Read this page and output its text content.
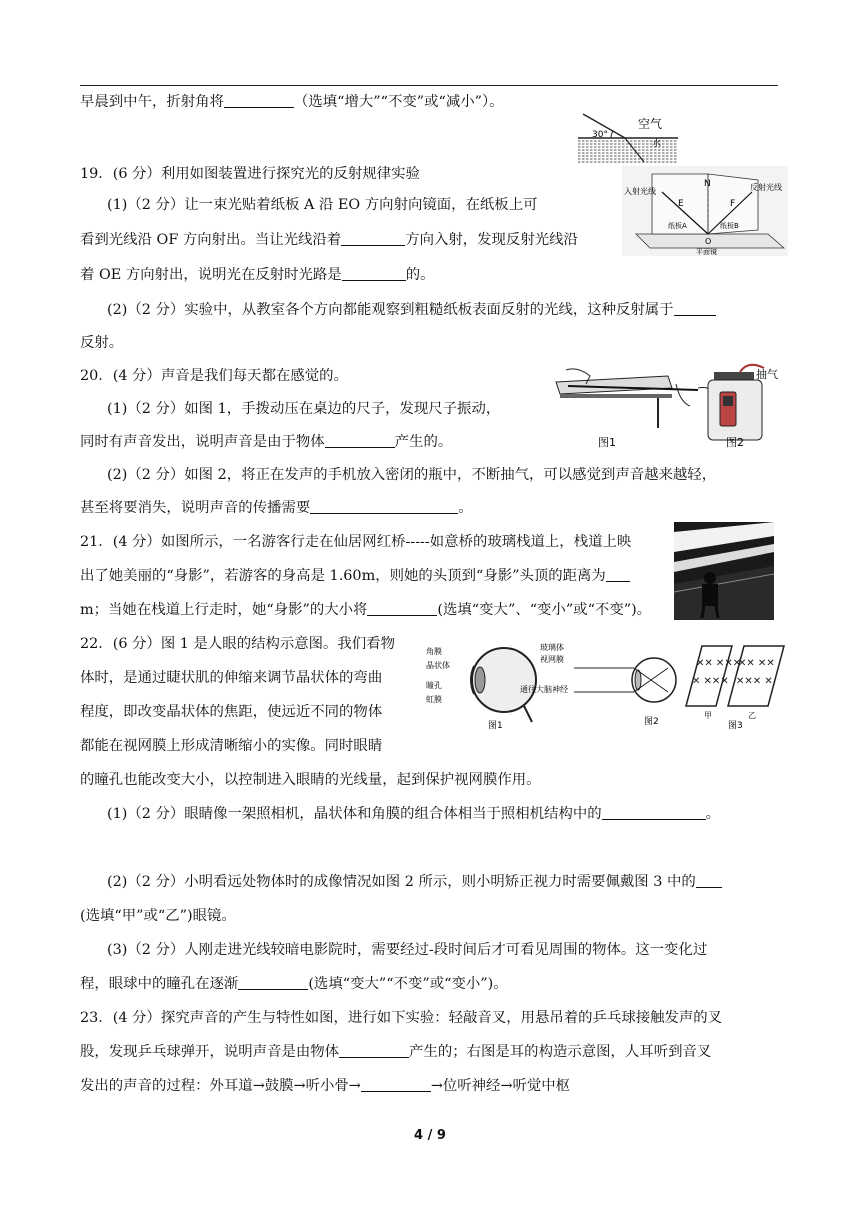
早晨到中午，折射角将	（选填“增大”“不变”或“减小”）。
30°
空气
水
19．(6 分）利用如图装置进行探究光的反射规律实验
(1)（2 分）让一束光贴着纸板 A 沿 EO 方向射向镜面，在纸板上可
看到光线沿 OF 方向射出。当让光线沿着	方向入射，发现反射光线沿
着 OE 方向射出，说明光在反射时光路是	的。
入射光线	反射光线
E
N
F
纸板A	纸板B
O
平面镜
(2)（2 分）实验中，从教室各个方向都能观察到粗糙纸板表面反射的光线，这种反射属于
反射。
20．(4 分）声音是我们每天都在感觉的。
(1)（2 分）如图 1，手拨动压在桌边的尺子，发现尺子振动，
同时有声音发出，说明声音是由于物体	产生的。	图1
抽气
图2
(2)（2 分）如图 2，将正在发声的手机放入密闭的瓶中，不断抽气，可以感觉到声音越来越轻，
甚至将要消失，说明声音的传播需要	。
21．(4 分）如图所示，一名游客行走在仙居网红桥-----如意桥的玻璃栈道上，栈道上映
出了她美丽的“身影”，若游客的身高是 1.60m，则她的头顶到“身影”头顶的距离为
m；当她在栈道上行走时，她“身影”的大小将	(选填“变大”、“变小”或“不变”)。
22．(6 分）图 1 是人眼的结构示意图。我们看物
体时，是通过睫状肌的伸缩来调节晶状体的弯曲
程度，即改变晶状体的焦距，使远近不同的物体
都能在视网膜上形成清晰缩小的实像。同时眼睛
的瞳孔也能改变大小，以控制进入眼睛的光线量，起到保护视网膜作用。
角膜
晶状体
瞳孔
虹膜
玻璃体
视网膜
通往大脑神经
图1	图2
✕✕ ✕✕✕
✕ ✕✕✕
✕✕ ✕✕
✕✕✕ ✕
甲	乙
图3
(1)（2 分）眼睛像一架照相机，晶状体和角膜的组合体相当于照相机结构中的	。
(2)（2 分）小明看远处物体时的成像情况如图 2 所示，则小明矫正视力时需要佩戴图 3 中的
(选填“甲”或“乙”)眼镜。
(3)（2 分）人刚走进光线较暗电影院时，需要经过-段时间后才可看见周围的物体。这一变化过
程，眼球中的瞳孔在逐渐	(选填“变大”“不变”或“变小”)。
23．(4 分）探究声音的产生与特性如图，进行如下实验：轻敲音叉，用悬吊着的乒乓球接触发声的叉
股，发现乒乓球弹开，说明声音是由物体	产生的；右图是耳的构造示意图，人耳听到音叉
发出的声音的过程：外耳道→鼓膜→听小骨→	→位听神经→听觉中枢
4 / 9
